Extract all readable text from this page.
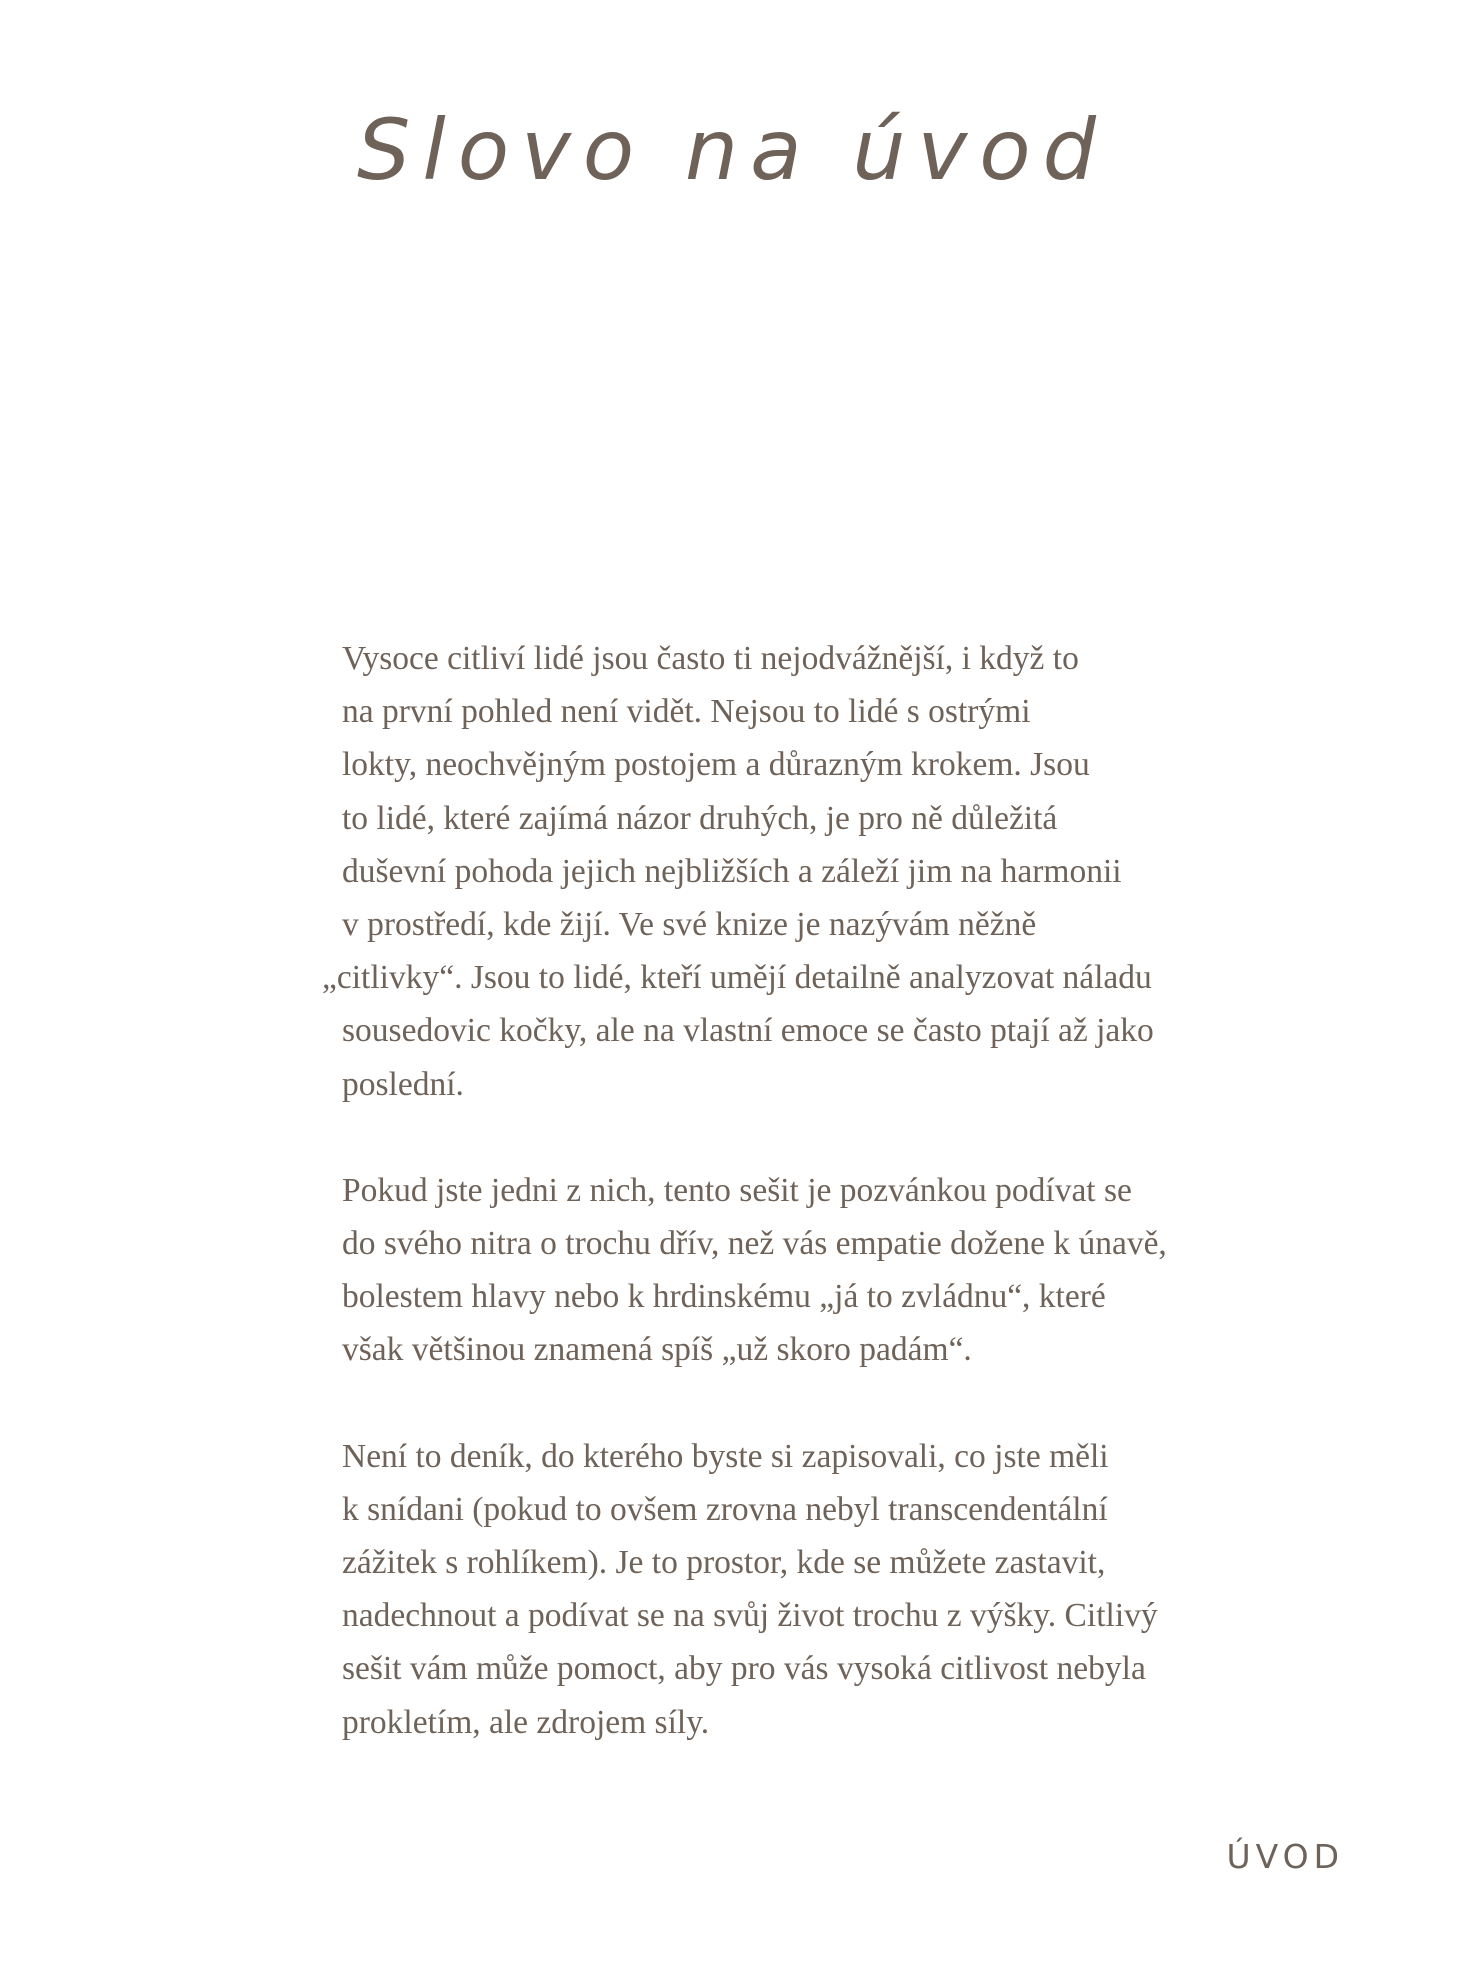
Slovo na úvod

Vysoce citliví lidé jsou často ti nejodvážnější, i když to
na první pohled není vidět. Nejsou to lidé s ostrými
lokty, neochvějným postojem a důrazným krokem. Jsou
to lidé, které zajímá názor druhých, je pro ně důležitá
duševní pohoda jejich nejbližších a záleží jim na harmonii
v prostředí, kde žijí. Ve své knize je nazývám něžně
„citlivky“. Jsou to lidé, kteří umějí detailně analyzovat náladu
sousedovic kočky, ale na vlastní emoce se často ptají až jako
poslední.

Pokud jste jedni z nich, tento sešit je pozvánkou podívat se
do svého nitra o trochu dřív, než vás empatie dožene k únavě,
bolestem hlavy nebo k hrdinskému „já to zvládnu“, které
však většinou znamená spíš „už skoro padám“.

Není to deník, do kterého byste si zapisovali, co jste měli
k snídani (pokud to ovšem zrovna nebyl transcendentální
zážitek s rohlíkem). Je to prostor, kde se můžete zastavit,
nadechnout a podívat se na svůj život trochu z výšky. Citlivý
sešit vám může pomoct, aby pro vás vysoká citlivost nebyla
prokletím, ale zdrojem síly.

ÚVOD
